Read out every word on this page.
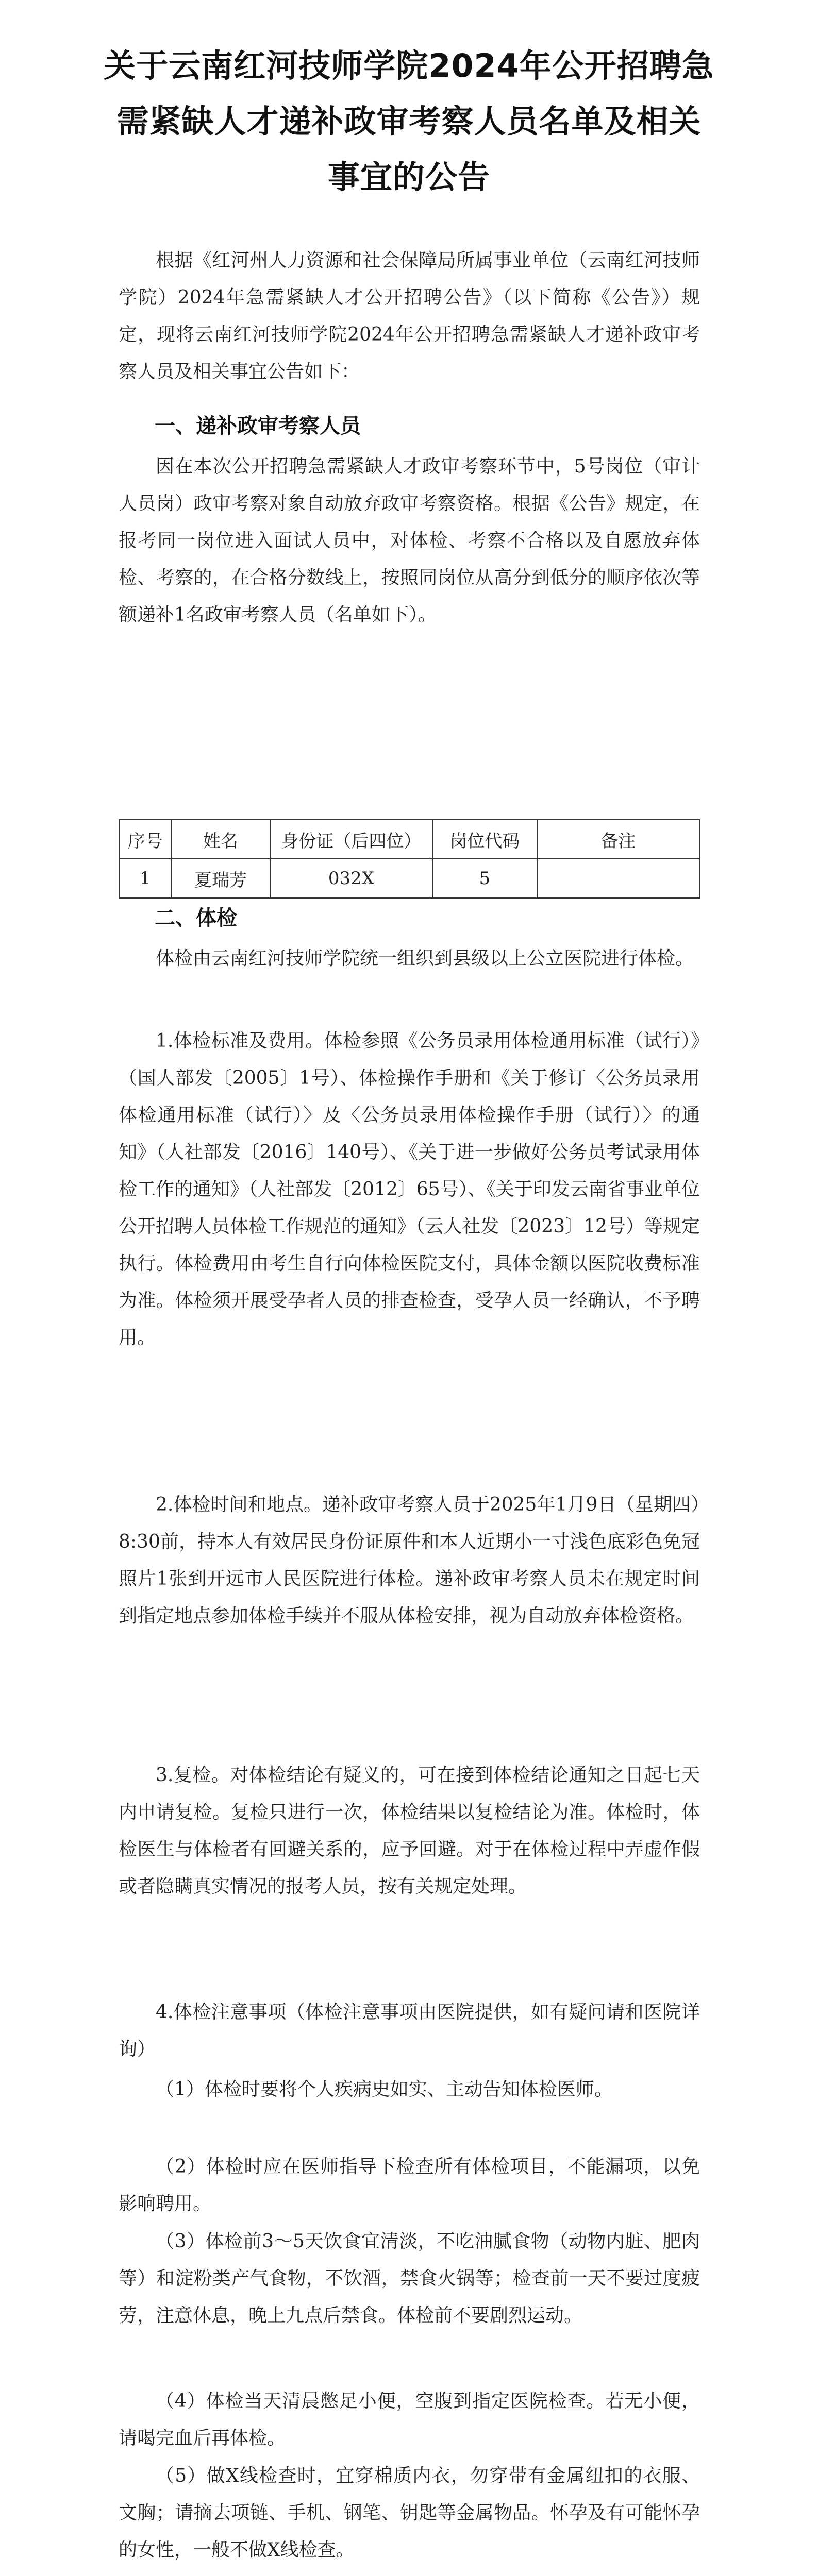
关于云南红河技师学院2024年公开招聘急
需紧缺人才递补政审考察人员名单及相关
事宜的公告

根据《红河州人力资源和社会保障局所属事业单位（云南红河技师学院）2024年急需紧缺人才公开招聘公告》（以下简称《公告》）规定，现将云南红河技师学院2024年公开招聘急需紧缺人才递补政审考察人员及相关事宜公告如下：

一、递补政审考察人员

因在本次公开招聘急需紧缺人才政审考察环节中，5号岗位（审计人员岗）政审考察对象自动放弃政审考察资格。根据《公告》规定，在报考同一岗位进入面试人员中，对体检、考察不合格以及自愿放弃体检、考察的，在合格分数线上，按照同岗位从高分到低分的顺序依次等额递补1名政审考察人员（名单如下）。

序号	姓名	身份证（后四位）	岗位代码	备注
1	夏瑞芳	032X	5	
二、体检

体检由云南红河技师学院统一组织到县级以上公立医院进行体检。

1.体检标准及费用。体检参照《公务员录用体检通用标准（试行）》（国人部发〔2005〕1号）、体检操作手册和《关于修订〈公务员录用体检通用标准（试行）〉及〈公务员录用体检操作手册（试行）〉的通知》（人社部发〔2016〕140号）、《关于进一步做好公务员考试录用体检工作的通知》（人社部发〔2012〕65号）、《关于印发云南省事业单位公开招聘人员体检工作规范的通知》（云人社发〔2023〕12号）等规定执行。体检费用由考生自行向体检医院支付，具体金额以医院收费标准为准。体检须开展受孕者人员的排查检查，受孕人员一经确认，不予聘用。

2.体检时间和地点。递补政审考察人员于2025年1月9日（星期四）8:30前，持本人有效居民身份证原件和本人近期小一寸浅色底彩色免冠照片1张到开远市人民医院进行体检。递补政审考察人员未在规定时间到指定地点参加体检手续并不服从体检安排，视为自动放弃体检资格。

3.复检。对体检结论有疑义的，可在接到体检结论通知之日起七天内申请复检。复检只进行一次，体检结果以复检结论为准。体检时，体检医生与体检者有回避关系的，应予回避。对于在体检过程中弄虚作假或者隐瞒真实情况的报考人员，按有关规定处理。

4.体检注意事项（体检注意事项由医院提供，如有疑问请和医院详询）

（1）体检时要将个人疾病史如实、主动告知体检医师。

（2）体检时应在医师指导下检查所有体检项目，不能漏项，以免影响聘用。

（3）体检前3～5天饮食宜清淡，不吃油腻食物（动物内脏、肥肉等）和淀粉类产气食物，不饮酒，禁食火锅等；检查前一天不要过度疲劳，注意休息，晚上九点后禁食。体检前不要剧烈运动。

（4）体检当天清晨憋足小便，空腹到指定医院检查。若无小便，请喝完血后再体检。

（5）做X线检查时，宜穿棉质内衣，勿穿带有金属纽扣的衣服、文胸；请摘去项链、手机、钢笔、钥匙等金属物品。怀孕及有可能怀孕的女性，一般不做X线检查。
